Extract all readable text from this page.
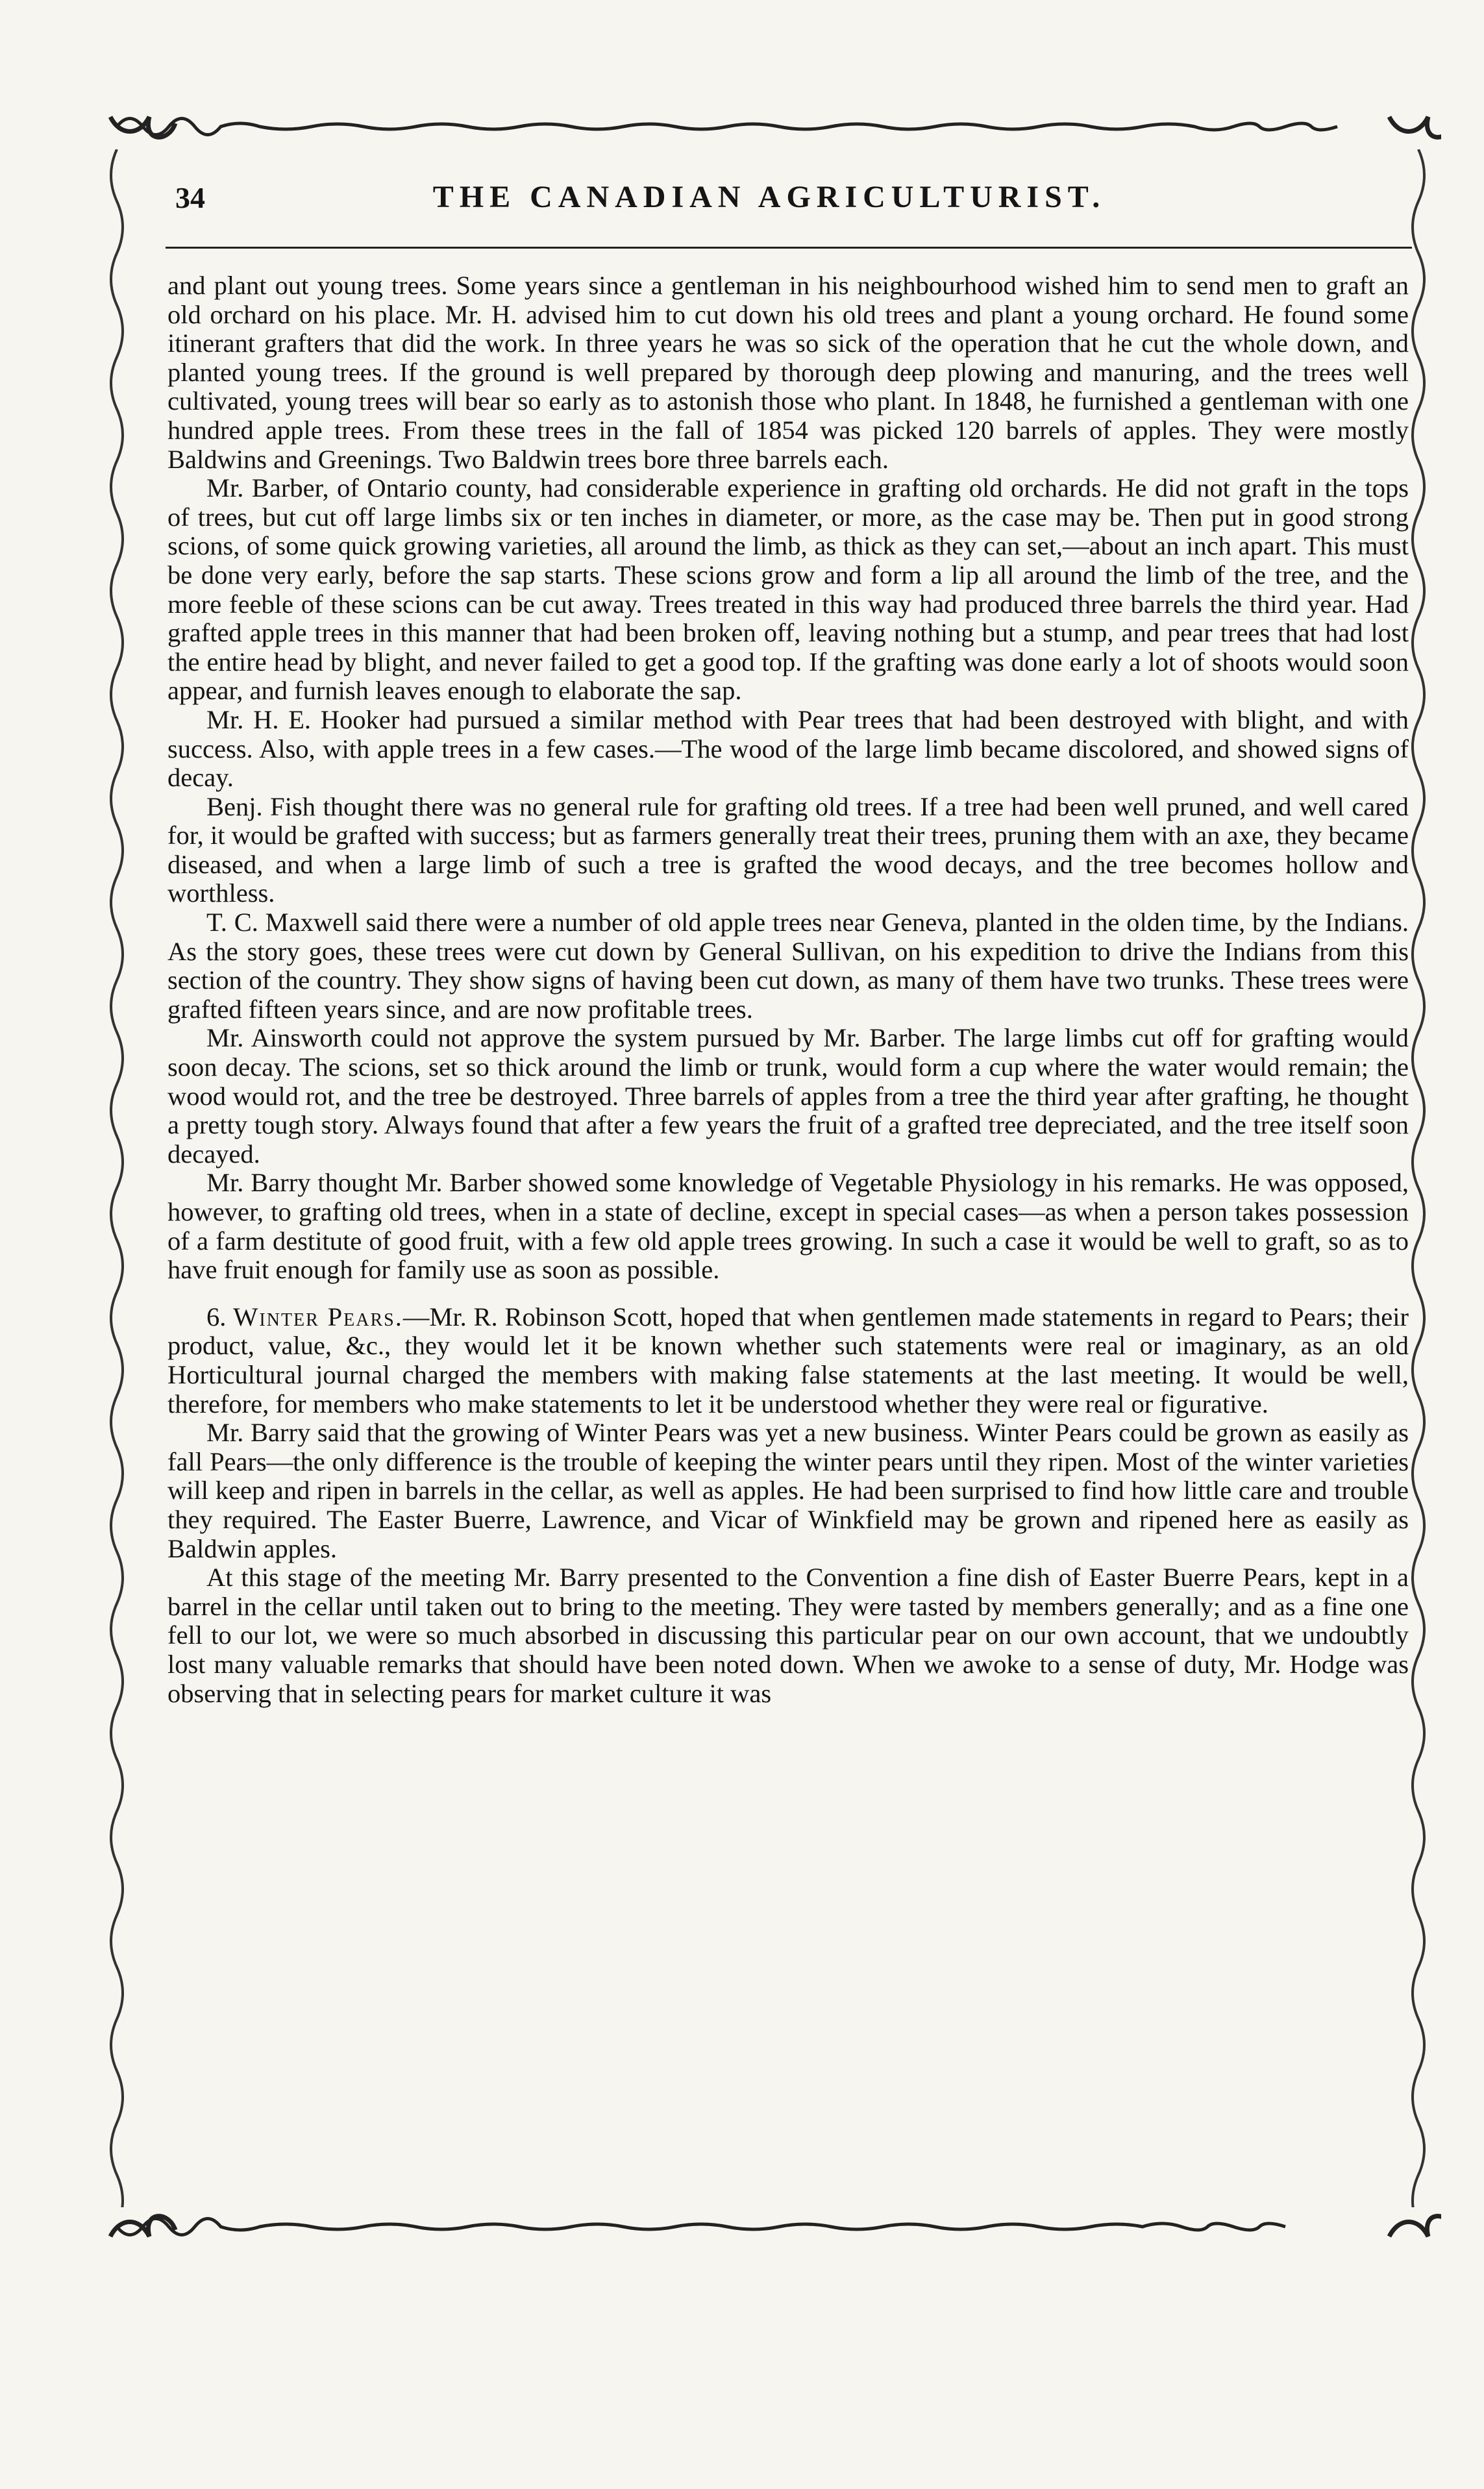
34	THE CANADIAN AGRICULTURIST.

and plant out young trees. Some years since a gentleman in his neighbourhood wished him to send men to graft an old orchard on his place. Mr. H. advised him to cut down his old trees and plant a young orchard. He found some itinerant grafters that did the work. In three years he was so sick of the operation that he cut the whole down, and planted young trees. If the ground is well prepared by thorough deep plowing and manuring, and the trees well cultivated, young trees will bear so early as to astonish those who plant. In 1848, he furnished a gentleman with one hundred apple trees. From these trees in the fall of 1854 was picked 120 barrels of apples. They were mostly Baldwins and Greenings. Two Baldwin trees bore three barrels each.

Mr. Barber, of Ontario county, had considerable experience in grafting old orchards. He did not graft in the tops of trees, but cut off large limbs six or ten inches in diameter, or more, as the case may be. Then put in good strong scions, of some quick growing varieties, all around the limb, as thick as they can set,—about an inch apart. This must be done very early, before the sap starts. These scions grow and form a lip all around the limb of the tree, and the more feeble of these scions can be cut away. Trees treated in this way had produced three barrels the third year. Had grafted apple trees in this manner that had been broken off, leaving nothing but a stump, and pear trees that had lost the entire head by blight, and never failed to get a good top. If the grafting was done early a lot of shoots would soon appear, and furnish leaves enough to elaborate the sap.

Mr. H. E. Hooker had pursued a similar method with Pear trees that had been destroyed with blight, and with success. Also, with apple trees in a few cases.—The wood of the large limb became discolored, and showed signs of decay.

Benj. Fish thought there was no general rule for grafting old trees. If a tree had been well pruned, and well cared for, it would be grafted with success; but as farmers generally treat their trees, pruning them with an axe, they became diseased, and when a large limb of such a tree is grafted the wood decays, and the tree becomes hollow and worthless.

T. C. Maxwell said there were a number of old apple trees near Geneva, planted in the olden time, by the Indians. As the story goes, these trees were cut down by General Sullivan, on his expedition to drive the Indians from this section of the country. They show signs of having been cut down, as many of them have two trunks. These trees were grafted fifteen years since, and are now profitable trees.

Mr. Ainsworth could not approve the system pursued by Mr. Barber. The large limbs cut off for grafting would soon decay. The scions, set so thick around the limb or trunk, would form a cup where the water would remain; the wood would rot, and the tree be destroyed. Three barrels of apples from a tree the third year after grafting, he thought a pretty tough story. Always found that after a few years the fruit of a grafted tree depreciated, and the tree itself soon decayed.

Mr. Barry thought Mr. Barber showed some knowledge of Vegetable Physiology in his remarks. He was opposed, however, to grafting old trees, when in a state of decline, except in special cases—as when a person takes possession of a farm destitute of good fruit, with a few old apple trees growing. In such a case it would be well to graft, so as to have fruit enough for family use as soon as possible.

6. Winter Pears.—Mr. R. Robinson Scott, hoped that when gentlemen made statements in regard to Pears; their product, value, &c., they would let it be known whether such statements were real or imaginary, as an old Horticultural journal charged the members with making false statements at the last meeting. It would be well, therefore, for members who make statements to let it be understood whether they were real or figurative.

Mr. Barry said that the growing of Winter Pears was yet a new business. Winter Pears could be grown as easily as fall Pears—the only difference is the trouble of keeping the winter pears until they ripen. Most of the winter varieties will keep and ripen in barrels in the cellar, as well as apples. He had been surprised to find how little care and trouble they required. The Easter Buerre, Lawrence, and Vicar of Winkfield may be grown and ripened here as easily as Baldwin apples.

At this stage of the meeting Mr. Barry presented to the Convention a fine dish of Easter Buerre Pears, kept in a barrel in the cellar until taken out to bring to the meeting. They were tasted by members generally; and as a fine one fell to our lot, we were so much absorbed in discussing this particular pear on our own account, that we undoubtly lost many valuable remarks that should have been noted down. When we awoke to a sense of duty, Mr. Hodge was observing that in selecting pears for market culture it was
